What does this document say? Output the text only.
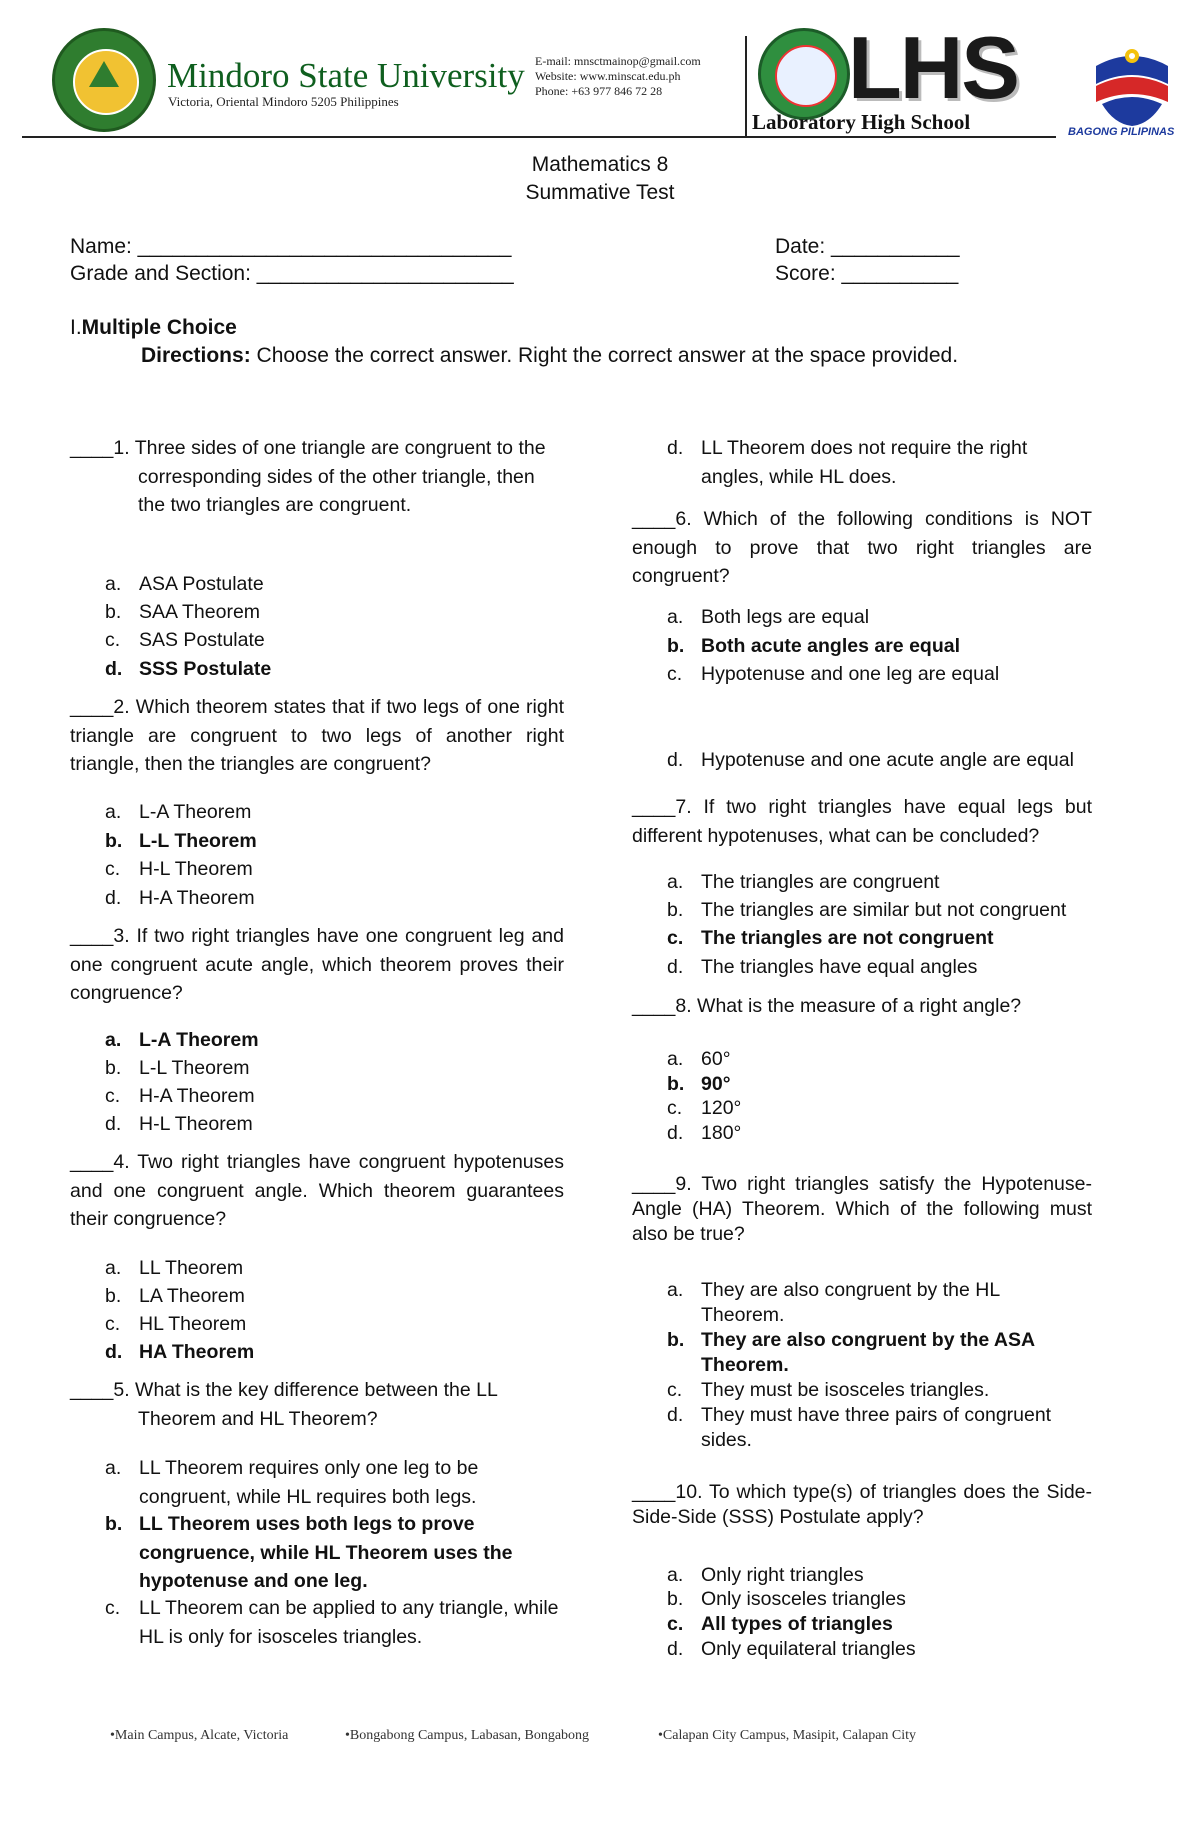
Mindoro State University
Victoria, Oriental Mindoro 5205 Philippines
E-mail: mnsctmainop@gmail.com
Website: www.minscat.edu.ph
Phone: +63 977 846 72 28 LHS
Laboratory High School	BAGONG PILIPINAS
Mathematics 8
Summative Test
Name: ________________________________
Grade and Section: ______________________
Date: ___________
Score: __________
I.Multiple Choice
Directions: Choose the correct answer. Right the correct answer at the space provided.
____1. Three sides of one triangle are congruent to the corresponding sides of the other triangle, then the two triangles are congruent.
a. ASA Postulate
b. SAA Theorem
c. SAS Postulate
d. SSS Postulate
____2. Which theorem states that if two legs of one right triangle are congruent to two legs of another right triangle, then the triangles are congruent?
a. L-A Theorem
b. L-L Theorem
c. H-L Theorem
d. H-A Theorem
____3. If two right triangles have one congruent leg and one congruent acute angle, which theorem proves their congruence?
a. L-A Theorem
b. L-L Theorem
c. H-A Theorem
d. H-L Theorem
____4. Two right triangles have congruent hypotenuses and one congruent angle. Which theorem guarantees their congruence?
a. LL Theorem
b. LA Theorem
c. HL Theorem
d. HA Theorem
____5. What is the key difference between the LL Theorem and HL Theorem?
a. LL Theorem requires only one leg to be congruent, while HL requires both legs.
b. LL Theorem uses both legs to prove congruence, while HL Theorem uses the hypotenuse and one leg.
c. LL Theorem can be applied to any triangle, while HL is only for isosceles triangles.
d. LL Theorem does not require the right angles, while HL does.
____6. Which of the following conditions is NOT enough to prove that two right triangles are congruent?
a. Both legs are equal
b. Both acute angles are equal
c. Hypotenuse and one leg are equal
d. Hypotenuse and one acute angle are equal
____7. If two right triangles have equal legs but different hypotenuses, what can be concluded?
a. The triangles are congruent
b. The triangles are similar but not congruent
c. The triangles are not congruent
d. The triangles have equal angles
____8. What is the measure of a right angle?
a. 60°
b. 90°
c. 120°
d. 180°
____9. Two right triangles satisfy the Hypotenuse-Angle (HA) Theorem. Which of the following must also be true?
a. They are also congruent by the HL Theorem.
b. They are also congruent by the ASA Theorem.
c. They must be isosceles triangles.
d. They must have three pairs of congruent sides.
____10. To which type(s) of triangles does the Side-Side-Side (SSS) Postulate apply?
a. Only right triangles
b. Only isosceles triangles
c. All types of triangles
d. Only equilateral triangles
•Main Campus, Alcate, Victoria	•Bongabong Campus, Labasan, Bongabong	•Calapan City Campus, Masipit, Calapan City
